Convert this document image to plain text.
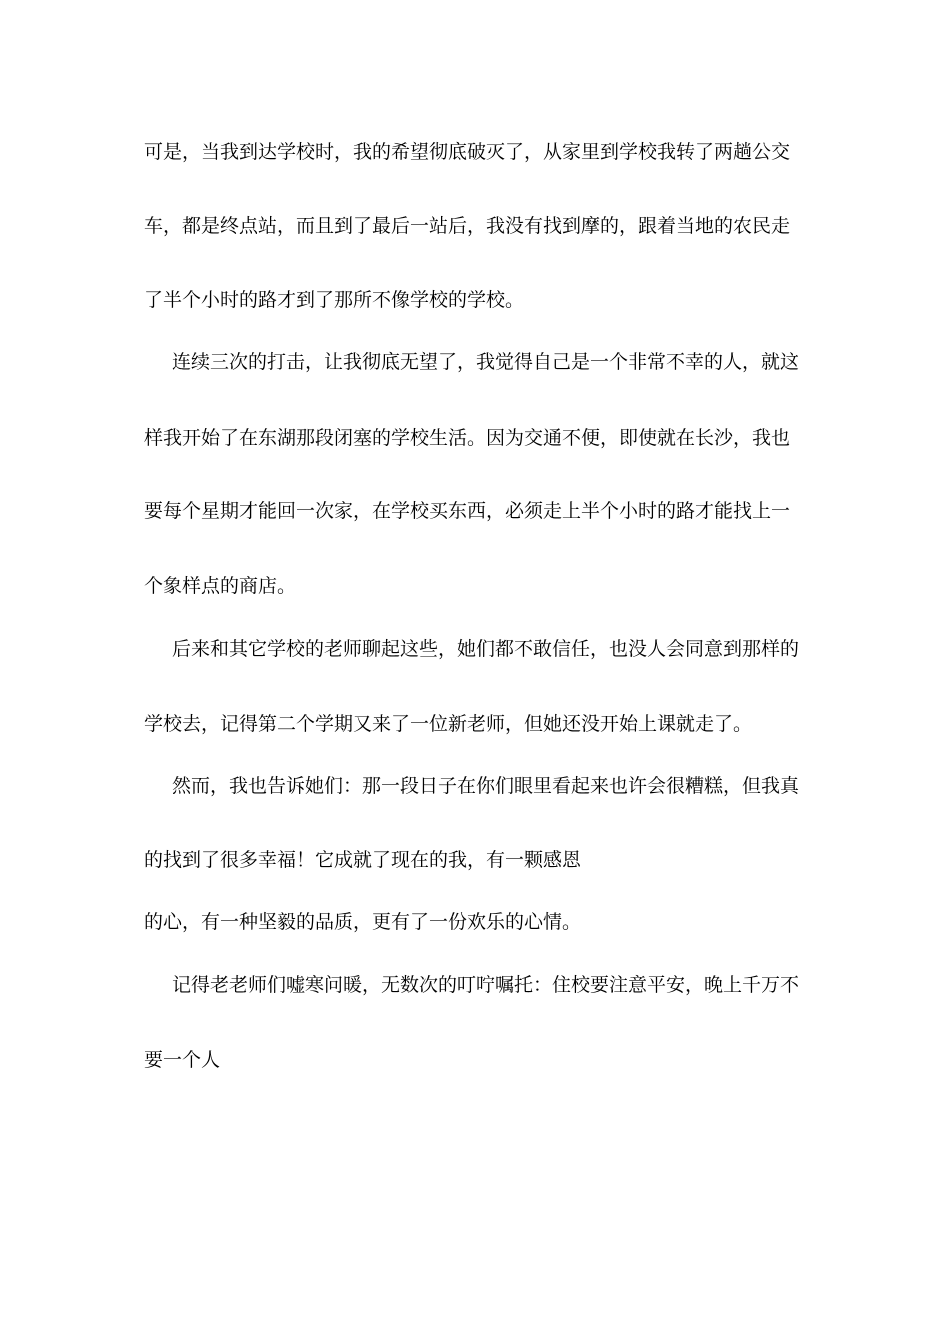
可是，当我到达学校时，我的希望彻底破灭了，从家里到学校我转了两趟公交
车，都是终点站，而且到了最后一站后，我没有找到摩的，跟着当地的农民走
了半个小时的路才到了那所不像学校的学校。
连续三次的打击，让我彻底无望了，我觉得自己是一个非常不幸的人，就这
样我开始了在东湖那段闭塞的学校生活。因为交通不便，即使就在长沙，我也
要每个星期才能回一次家，在学校买东西，必须走上半个小时的路才能找上一
个象样点的商店。
后来和其它学校的老师聊起这些，她们都不敢信任，也没人会同意到那样的
学校去，记得第二个学期又来了一位新老师，但她还没开始上课就走了。
然而，我也告诉她们：那一段日子在你们眼里看起来也许会很糟糕，但我真
的找到了很多幸福！它成就了现在的我，有一颗感恩
的心，有一种坚毅的品质，更有了一份欢乐的心情。
记得老老师们嘘寒问暖，无数次的叮咛嘱托：住校要注意平安，晚上千万不
要一个人
